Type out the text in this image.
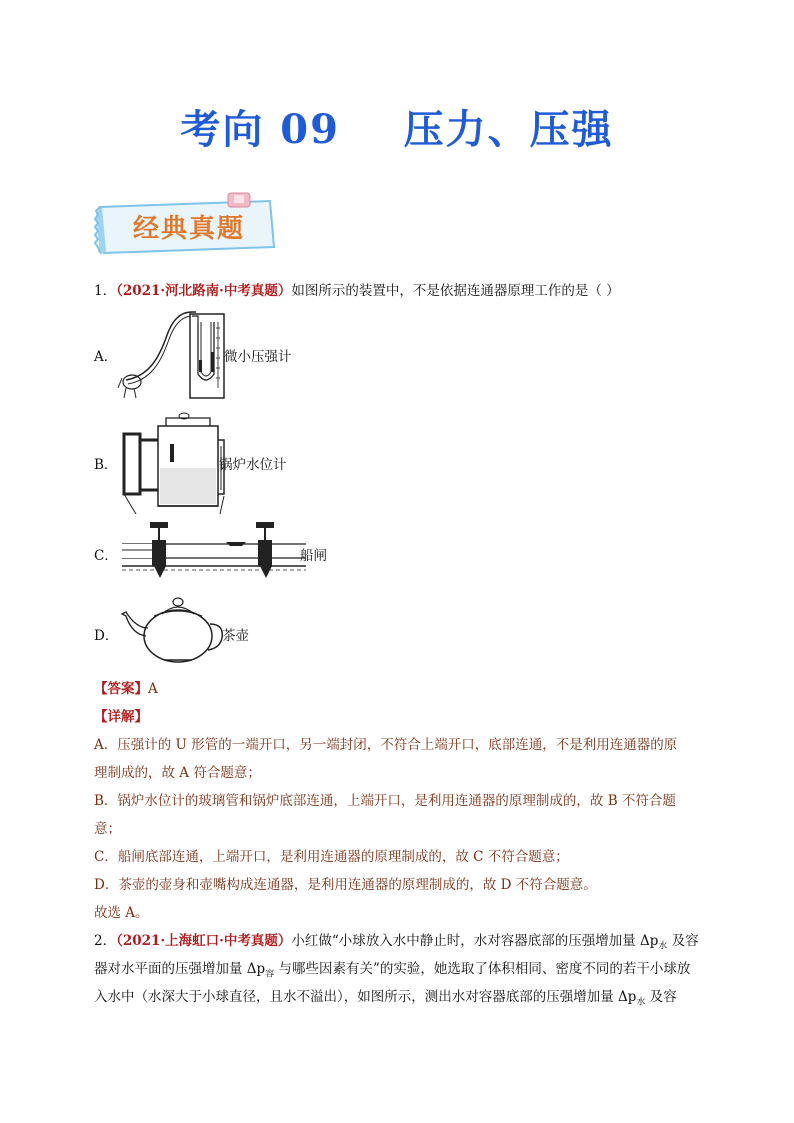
考向 09    压力、压强
经典真题
1．（2021·河北路南·中考真题）如图所示的装置中，不是依据连通器原理工作的是（ ）
A．	微小压强计
B．	锅炉水位计
C．	船闸
D．	茶壶
【答案】A
【详解】
A．压强计的 U 形管的一端开口，另一端封闭，不符合上端开口，底部连通，不是利用连通器的原
理制成的，故 A 符合题意；
B．锅炉水位计的玻璃管和锅炉底部连通，上端开口，是利用连通器的原理制成的，故 B 不符合题
意；
C．船闸底部连通，上端开口，是利用连通器的原理制成的，故 C 不符合题意；
D．茶壶的壶身和壶嘴构成连通器，是利用连通器的原理制成的，故 D 不符合题意。
故选 A。
2．（2021·上海虹口·中考真题）小红做“小球放入水中静止时，水对容器底部的压强增加量 $\Delta p_水$ 及容
器对水平面的压强增加量 $\Delta p_容$ 与哪些因素有关”的实验，她选取了体积相同、密度不同的若干小球放
入水中（水深大于小球直径，且水不溢出），如图所示，测出水对容器底部的压强增加量 $\Delta p_水$ 及容
